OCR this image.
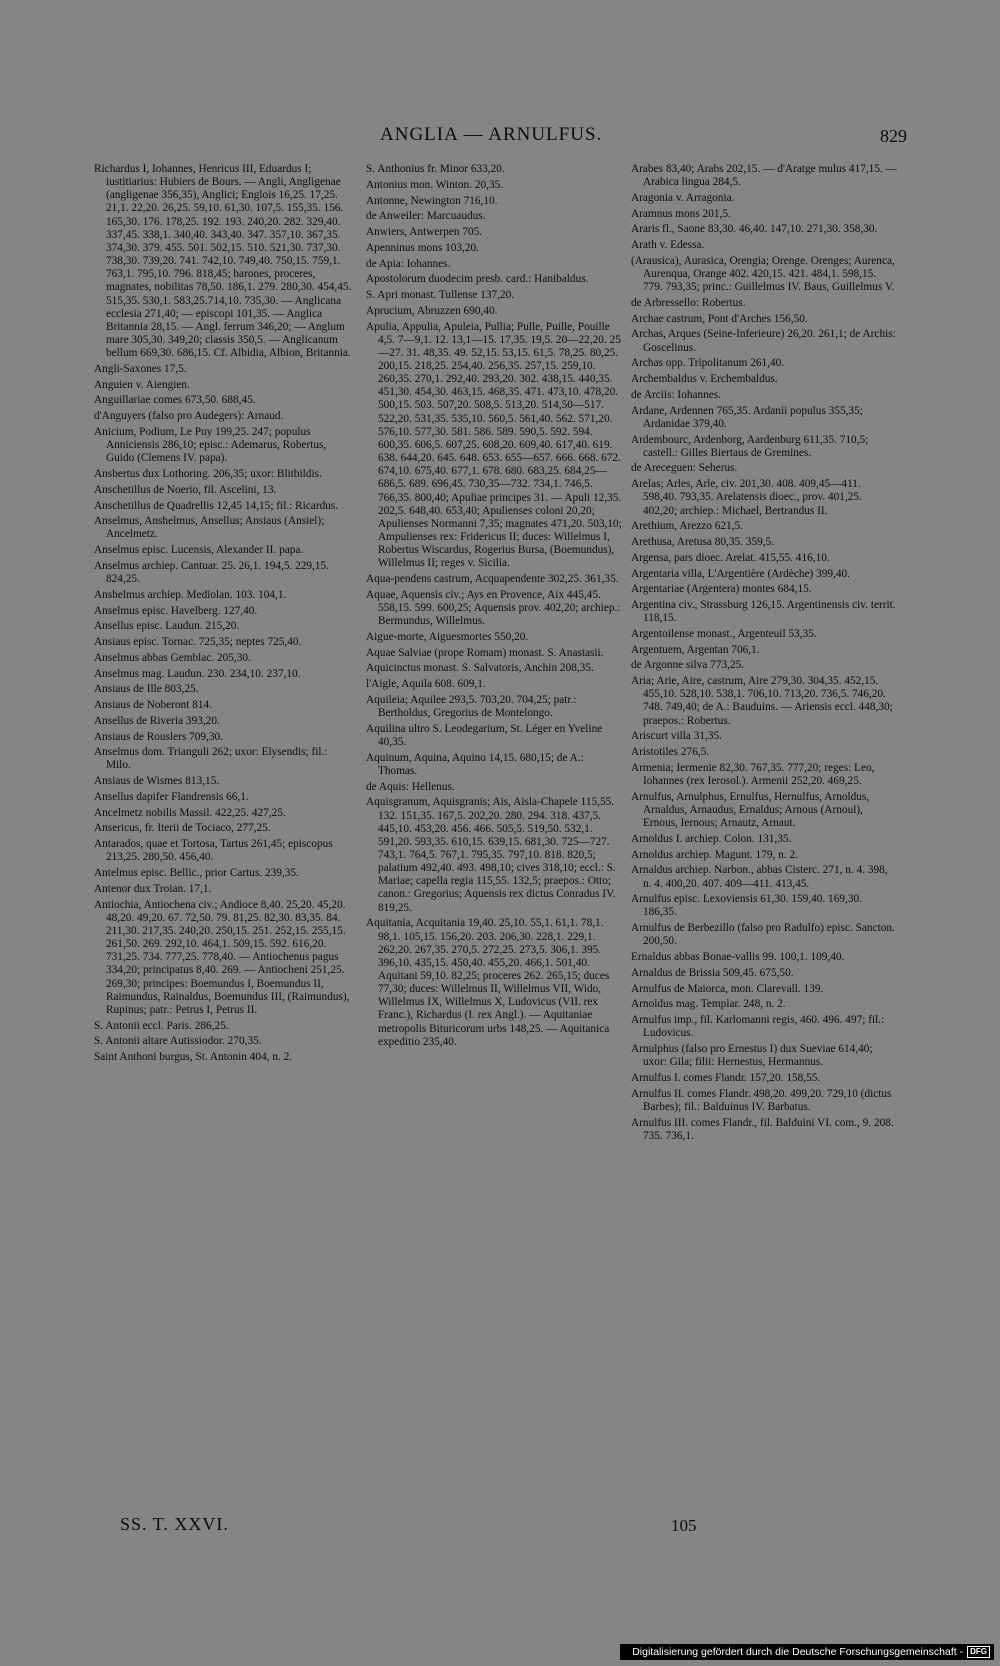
ANGLIA — ARNULFUS.	829

Richardus I, Iohannes, Henricus III, Eduardus I; iustitiarius: Hubiers de Bours. — Angli, Angligenae (angligenae 356,35), Anglici; Englois 16,25. 17,25. 21,1. 22,20. 26,25. 59,10. 61,30. 107,5. 155,35. 156. 165,30. 176. 178,25. 192. 193. 240,20. 282. 329,40. 337,45. 338,1. 340,40. 343,40. 347. 357,10. 367,35. 374,30. 379. 455. 501. 502,15. 510. 521,30. 737,30. 738,30. 739,20. 741. 742,10. 749,40. 750,15. 759,1. 763,1. 795,10. 796. 818,45; barones, proceres, magnates, nobilitas 78,50. 186,1. 279. 280,30. 454,45. 515,35. 530,1. 583,25.714,10. 735,30. — Anglicana ecclesia 271,40; — episcopi 101,35. — Anglica Britannia 28,15. — Angl. ferrum 346,20; — Anglum mare 305,30. 349,20; classis 350,5. — Anglicanum bellum 669,30. 686,15. Cf. Albidia, Albion, Britannia.

Angli-Saxones 17,5.

Anguien v. Aiengien.

Anguillariae comes 673,50. 688,45.

d'Anguyers (falso pro Audegers): Arnaud.

Anicium, Podium, Le Puy 199,25. 247; populus Anniciensis 286,10; episc.: Ademarus, Robertus, Guido (Clemens IV. papa).

Ansbertus dux Lothoring. 206,35; uxor: Blitbildis.

Anschetillus de Noerio, fil. Ascelini, 13.

Anschetillus de Quadrellis 12,45 14,15; fil.: Ricardus.

Anselmus, Anshelmus, Ansellus; Ansiaus (Ansiel); Ancelmetz.

Anselmus episc. Lucensis, Alexander II. papa.

Anselmus archiep. Cantuar. 25. 26,1. 194,5. 229,15. 824,25.

Anshelmus archiep. Mediolan. 103. 104,1.

Anselmus episc. Havelberg. 127,40.

Ansellus episc. Laudun. 215,20.

Ansiaus episc. Tornac. 725,35; neptes 725,40.

Anselmus abbas Gemblac. 205,30.

Anselmus mag. Laudun. 230. 234,10. 237,10.

Ansiaus de Ille 803,25.

Ansiaus de Noberont 814.

Ansellus de Riveria 393,20.

Ansiaus de Rouslers 709,30.

Anselmus dom. Trianguli 262; uxor: Elysendis; fil.: Milo.

Ansiaus de Wismes 813,15.

Ansellus dapifer Flandrensis 66,1.

Ancelmetz nobilis Massil. 422,25. 427,25.

Ansericus, fr. Iterii de Tociaco, 277,25.

Antarados, quae et Tortosa, Tartus 261,45; episcopus 213,25. 280,50. 456,40.

Antelmus episc. Bellic., prior Cartus. 239,35.

Antenor dux Troian. 17,1.

Antiochia, Antiochena civ.; Andioce 8,40. 25,20. 45,20. 48,20. 49,20. 67. 72,50. 79. 81,25. 82,30. 83,35. 84. 211,30. 217,35. 240,20. 250,15. 251. 252,15. 255,15. 261,50. 269. 292,10. 464,1. 509,15. 592. 616,20. 731,25. 734. 777,25. 778,40. — Antiochenus pagus 334,20; principatus 8,40. 269. — Antiocheni 251,25. 269,30; principes: Boemundus I, Boemundus II, Raimundus, Rainaldus, Boemundus III, (Raimundus), Rupinus; patr.: Petrus I, Petrus II.

S. Antonii eccl. Paris. 286,25.

S. Antonii altare Autissiodor. 270,35.

Saint Anthoni burgus, St. Antonin 404, n. 2.

S. Anthonius fr. Minor 633,20.

Antonius mon. Winton. 20,35.

Antonne, Newington 716,10.

de Anweiler: Marcuaudus.

Anwiers, Antwerpen 705.

Apenninus mons 103,20.

de Apia: Iohannes.

Apostolorum duodecim presb. card.: Hanibaldus.

S. Apri monast. Tullense 137,20.

Aprucium, Abruzzen 690,40.

Apulia, Appulia, Apuleia, Pullia; Pulle, Puille, Pouille 4,5. 7—9,1. 12. 13,1—15. 17,35. 19,5. 20—22,20. 25—27. 31. 48,35. 49. 52,15. 53,15. 61,5. 78,25. 80,25. 200,15. 218,25. 254,40. 256,35. 257,15. 259,10. 260,35. 270,1. 292,40. 293,20. 302. 438,15. 440,35. 451,30. 454,30. 463,15. 468,35. 471. 473,10. 478,20. 500,15. 503. 507,20. 508,5. 513,20. 514,50—517. 522,20. 531,35. 535,10. 560,5. 561,40. 562. 571,20. 576,10. 577,30. 581. 586. 589. 590,5. 592. 594. 600,35. 606,5. 607,25. 608,20. 609,40. 617,40. 619. 638. 644,20. 645. 648. 653. 655—657. 666. 668. 672. 674,10. 675,40. 677,1. 678. 680. 683,25. 684,25—686,5. 689. 696,45. 730,35—732. 734,1. 746,5. 766,35. 800,40; Apuliae principes 31. — Apuli 12,35. 202,5. 648,40. 653,40; Apulienses coloni 20,20; Apulienses Normanni 7,35; magnates 471,20. 503,10; Ampulienses rex: Fridericus II; duces: Willelmus I, Robertus Wiscardus, Rogerius Bursa, (Boemundus), Willelmus II; reges v. Sicilia.

Aqua-pendens castrum, Acquapendente 302,25. 361,35.

Aquae, Aquensis civ.; Ays en Provence, Aix 445,45. 558,15. 599. 600,25; Aquensis prov. 402,20; archiep.: Bermundus, Willelmus.

Aigue-morte, Aiguesmortes 550,20.

Aquae Salviae (prope Romam) monast. S. Anastasii.

Aquicinctus monast. S. Salvatoris, Anchin 208,35.

l'Aigle, Aquila 608. 609,1.

Aquileia; Aquilee 293,5. 703,20. 704,25; patr.: Bertholdus, Gregorius de Montelongo.

Aquilina ultro S. Leodegarium, St. Léger en Yveline 40,35.

Aquinum, Aquina, Aquino 14,15. 680,15; de A.: Thomas.

de Aquis: Hellenus.

Aquisgranum, Aquisgranis; Ais, Aisla-Chapele 115,55. 132. 151,35. 167,5. 202,20. 280. 294. 318. 437,5. 445,10. 453,20. 456. 466. 505,5. 519,50. 532,1. 591,20. 593,35. 610,15. 639,15. 681,30. 725—727. 743,1. 764,5. 767,1. 795,35. 797,10. 818. 820,5; palatium 492,40. 493. 498,10; cives 318,10; eccl.: S. Mariae; capella regia 115,55. 132,5; praepos.: Otto; canon.: Gregorius; Aquensis rex dictus Conradus IV. 819,25.

Aquitania, Acquitania 19,40. 25,10. 55,1. 61,1. 78,1. 98,1. 105,15. 156,20. 203. 206,30. 228,1. 229,1. 262,20. 267,35. 270,5. 272,25. 273,5. 306,1. 395. 396,10. 435,15. 450,40. 455,20. 466,1. 501,40. Aquitani 59,10. 82,25; proceres 262. 265,15; duces 77,30; duces: Willelmus II, Willelmus VII, Wido, Willelmus IX, Willelmus X, Ludovicus (VII. rex Franc.), Richardus (I. rex Angl.). — Aquitaniae metropolis Bituricorum urbs 148,25. — Aquitanica expeditio 235,40.

Arabes 83,40; Arabs 202,15. — d'Aratge mulus 417,15. — Arabica lingua 284,5.

Aragonia v. Arragonia.

Aramnus mons 201,5.

Araris fl., Saone 83,30. 46,40. 147,10. 271,30. 358,30.

Arath v. Edessa.

(Arausica), Aurasica, Orengia; Orenge. Orenges; Aurenca, Aurenqua, Orange 402. 420,15. 421. 484,1. 598,15. 779. 793,35; princ.: Guillelmus IV. Baus, Guillelmus V.

de Arbressello: Robertus.

Archae castrum, Pont d'Arches 156,50.

Archas, Arques (Seine-Inferieure) 26,20. 261,1; de Archis: Goscelinus.

Archas opp. Tripolitanum 261,40.

Archembaldus v. Erchembaldus.

de Arciis: Iohannes.

Ardane, Ardennen 765,35. Ardanii populus 355,35; Ardanidae 379,40.

Ardembourc, Ardenborg, Aardenburg 611,35. 710,5; castell.: Gilles Biertaus de Gremines.

de Areceguen: Seherus.

Arelas; Arles, Arle, civ. 201,30. 408. 409,45—411. 598,40. 793,35. Arelatensis dioec., prov. 401,25. 402,20; archiep.: Michael, Bertrandus II.

Arethium, Arezzo 621,5.

Arethusa, Aretusa 80,35. 359,5.

Argensa, pars dioec. Arelat. 415,55. 416,10.

Argentaria villa, L'Argentière (Ardèche) 399,40.

Argentariae (Argentera) montes 684,15.

Argentina civ., Strassburg 126,15. Argentinensis civ. territ. 118,15.

Argentoilense monast., Argenteuil 53,35.

Argentuem, Argentan 706,1.

de Argonne silva 773,25.

Aria; Arie, Aire, castrum, Aire 279,30. 304,35. 452,15. 455,10. 528,10. 538,1. 706,10. 713,20. 736,5. 746,20. 748. 749,40; de A.: Bauduins. — Ariensis eccl. 448,30; praepos.: Robertus.

Ariscurt villa 31,35.

Aristotiles 276,5.

Armenia; Iermenie 82,30. 767,35. 777,20; reges: Leo, Iohannes (rex Ierosol.). Armenii 252,20. 469,25.

Arnulfus, Arnulphus, Ernulfus, Hernulfus, Arnoldus, Arnaldus, Arnaudus, Ernaldus; Arnous (Arnoul), Ernous, Iernous; Arnautz, Arnaut.

Arnoldus I. archiep. Colon. 131,35.

Arnoldus archiep. Magunt. 179, n. 2.

Arnaldus archiep. Narbon., abbas Cisterc. 271, n. 4. 398, n. 4. 400,20. 407. 409—411. 413,45.

Arnulfus episc. Lexoviensis 61,30. 159,40. 169,30. 186,35.

Arnulfus de Berbezillo (falso pro Radulfo) episc. Sancton. 200,50.

Ernaldus abbas Bonae-vallis 99. 100,1. 109,40.

Arnaldus de Brissia 509,45. 675,50.

Arnulfus de Maiorca, mon. Clarevall. 139.

Arnoldus mag. Templar. 248, n. 2.

Arnulfus imp., fil. Karlomanni regis, 460. 496. 497; fil.: Ludovicus.

Arnulphus (falso pro Ernestus I) dux Sueviae 614,40; uxor: Gila; filii: Hernestus, Hermannus.

Arnulfus I. comes Flandr. 157,20. 158,55.

Arnulfus II. comes Flandr. 498,20. 499,20. 729,10 (dictus Barbes); fil.: Balduinus IV. Barbatus.

Arnulfus III. comes Flandr., fil. Balduini VI. com., 9. 208. 735. 736,1.

SS. T. XXVI.	105
Digitalisierung gefördert durch die Deutsche Forschungsgemeinschaft - DFG
